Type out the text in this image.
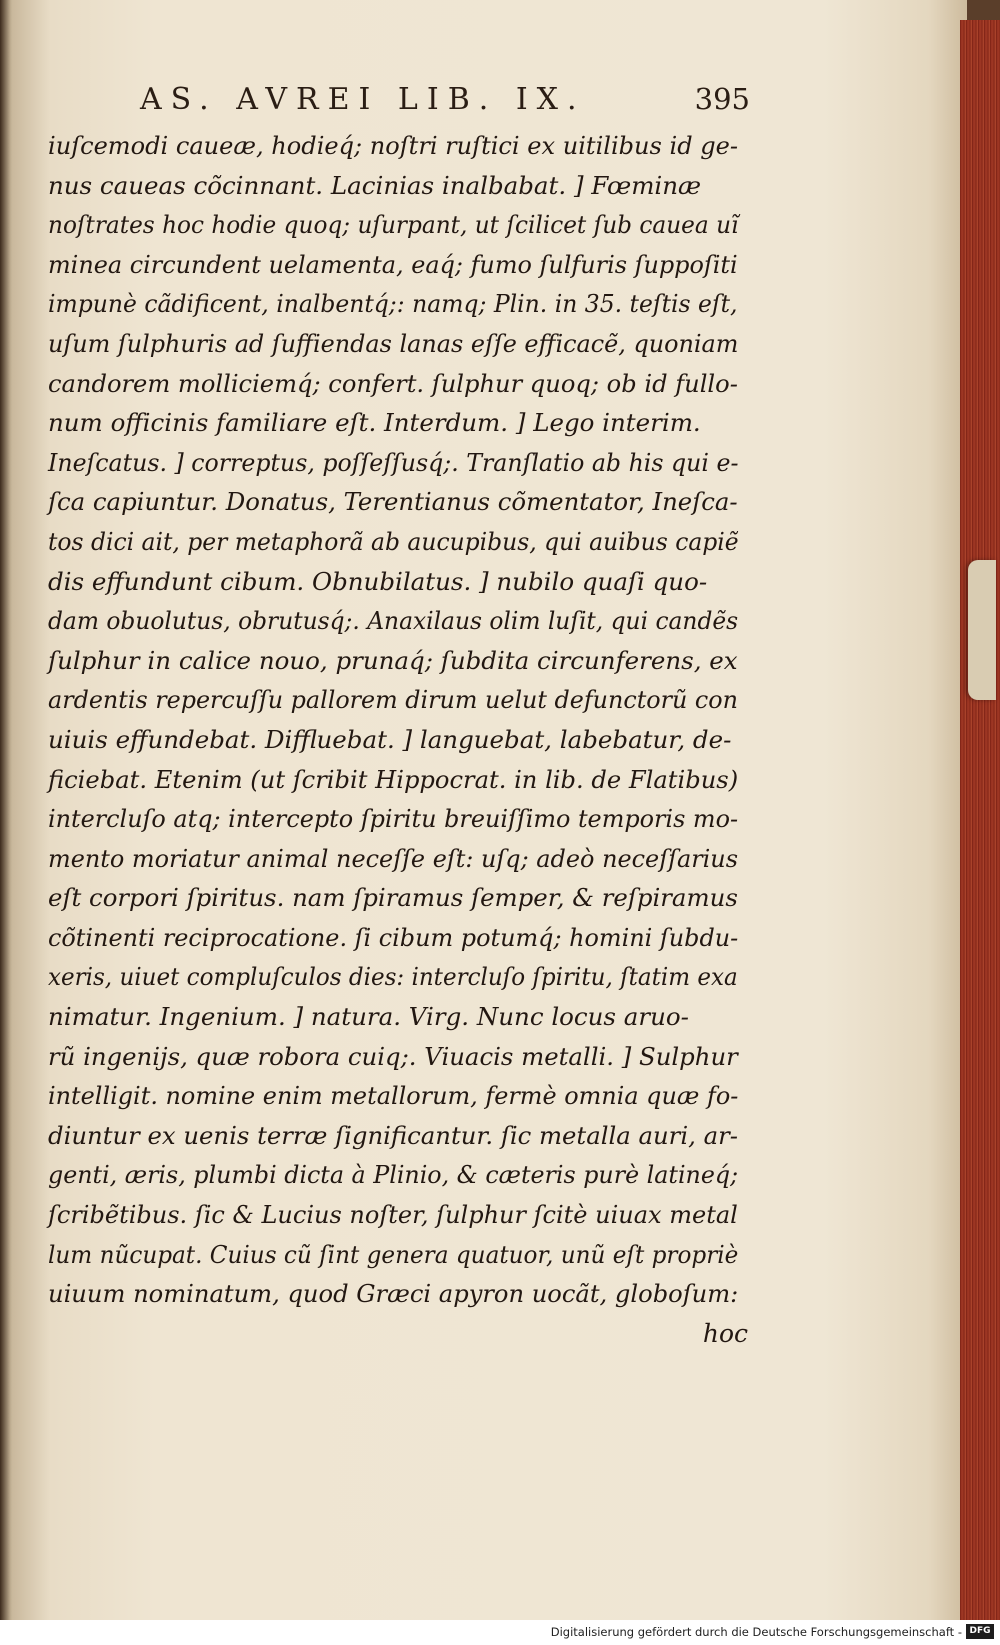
AS. AVREI LIB. IX.	395
iuſcemodi caueæ, hodieq́; noſtri ruſtici ex uitilibus id ge-
nus caueas cõcinnant. Lacinias inalbabat. ] Fœminæ
noſtrates hoc hodie quoq; uſurpant, ut ſcilicet ſub cauea uĩ
minea circundent uelamenta, eaq́; fumo ſulfuris ſuppoſiti
impunè cãdificent, inalbentq́;: namq; Plin. in 35. teſtis eſt,
uſum ſulphuris ad ſuffiendas lanas eſſe efficacẽ, quoniam
candorem molliciemq́; confert. ſulphur quoq; ob id fullo-
num officinis familiare eſt. Interdum. ] Lego interim.
Ineſcatus. ] correptus, poſſeſſusq́;. Tranſlatio ab his qui e-
ſca capiuntur. Donatus, Terentianus cõmentator, Ineſca-
tos dici ait, per metaphorã ab aucupibus, qui auibus capiẽ
dis effundunt cibum. Obnubilatus. ] nubilo quaſi quo-
dam obuolutus, obrutusq́;. Anaxilaus olim luſit, qui candẽs
ſulphur in calice nouo, prunaq́; ſubdita circunferens, ex
ardentis repercuſſu pallorem dirum uelut defunctorũ con
uiuis effundebat. Diffluebat. ] languebat, labebatur, de-
ficiebat. Etenim (ut ſcribit Hippocrat. in lib. de Flatibus)
intercluſo atq; intercepto ſpiritu breuiſſimo temporis mo-
mento moriatur animal neceſſe eſt: uſq; adeò neceſſarius
eſt corpori ſpiritus. nam ſpiramus ſemper, & reſpiramus
cõtinenti reciprocatione. ſi cibum potumq́; homini ſubdu-
xeris, uiuet compluſculos dies: intercluſo ſpiritu, ſtatim exa
nimatur. Ingenium. ] natura. Virg. Nunc locus aruo-
rũ ingenijs, quæ robora cuiq;. Viuacis metalli. ] Sulphur
intelligit. nomine enim metallorum, fermè omnia quæ fo-
diuntur ex uenis terræ ſignificantur. ſic metalla auri, ar-
genti, æris, plumbi dicta à Plinio, & cæteris purè latineq́;
ſcribẽtibus. ſic & Lucius noſter, ſulphur ſcitè uiuax metal
lum nũcupat. Cuius cũ ſint genera quatuor, unũ eſt propriè
uiuum nominatum, quod Græci apyron uocãt, globoſum:
hoc
Digitalisierung gefördert durch die Deutsche Forschungsgemeinschaft - DFG
